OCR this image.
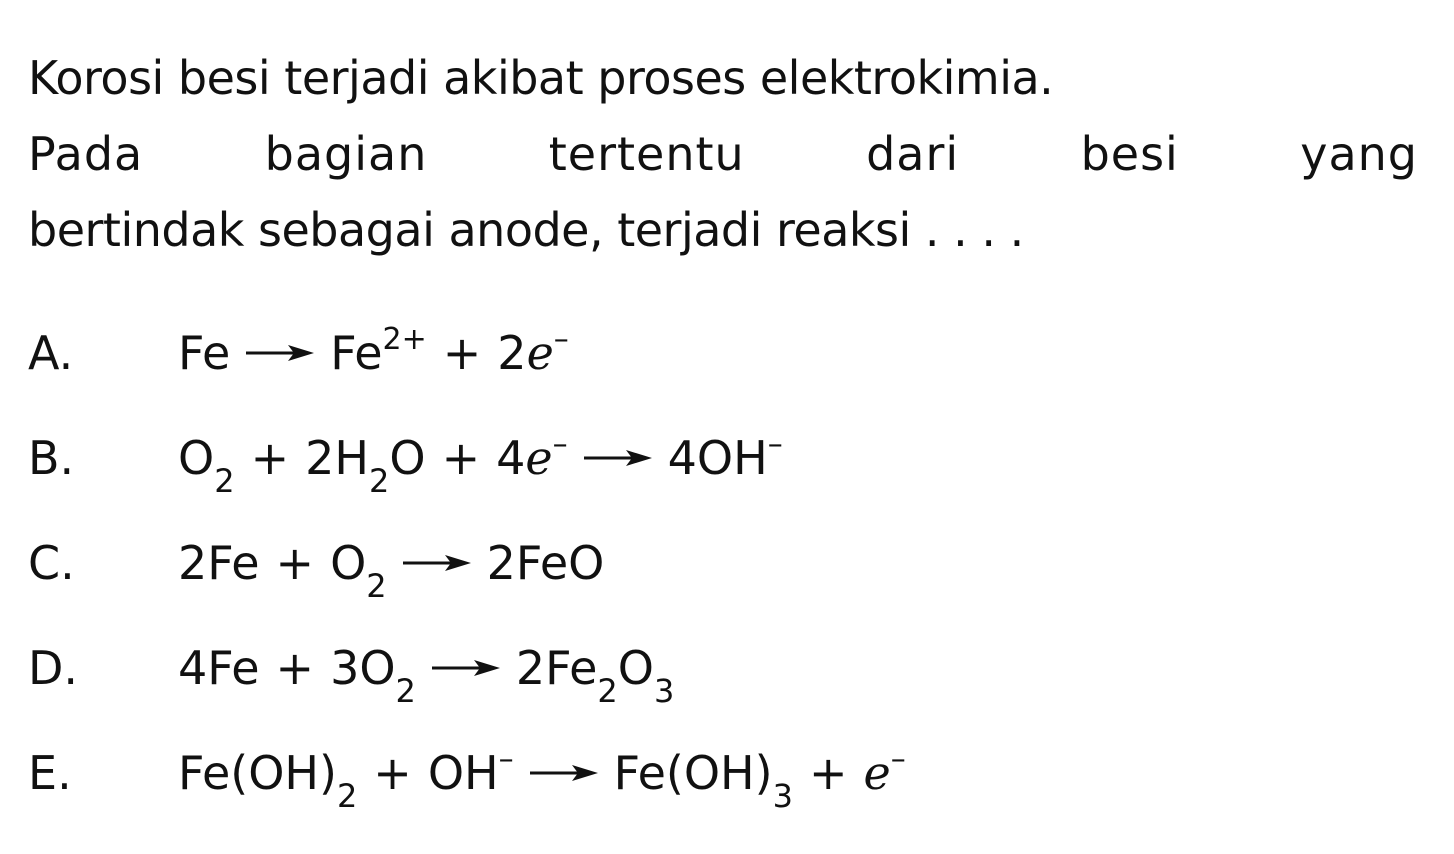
Korosi besi terjadi akibat proses elektrokimia.
Pada bagian tertentu dari besi yang
bertindak sebagai anode, terjadi reaksi . . . .
A. $Fe \to Fe^{2+} + 2e^-$
B. $O_2 + 2H_2O + 4e^- \to 4OH^-$
C. $2Fe + O_2 \to 2FeO$
D. $4Fe + 3O_2 \to 2Fe_2O_3$
E. $Fe(OH)_2 + OH^- \to Fe(OH)_3 + e^-$
